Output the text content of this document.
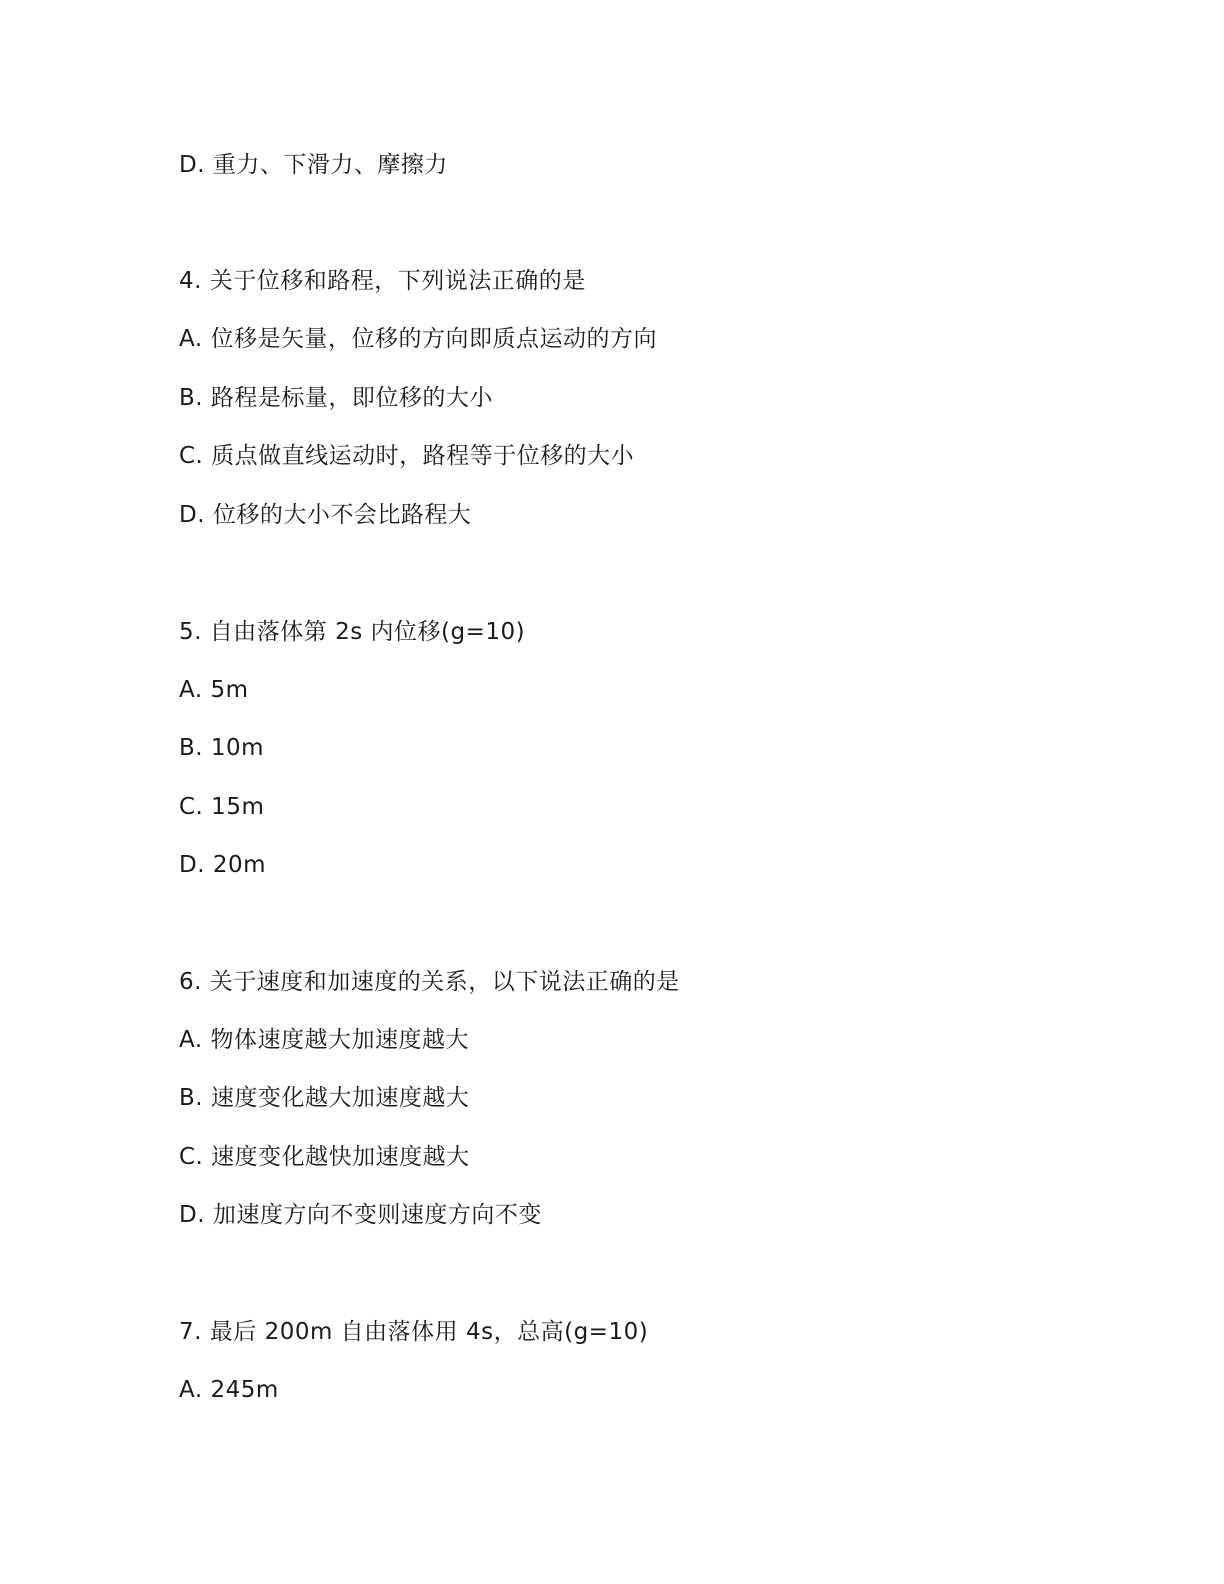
D. 重力、下滑力、摩擦力
4. 关于位移和路程，下列说法正确的是
A. 位移是矢量，位移的方向即质点运动的方向
B. 路程是标量，即位移的大小
C. 质点做直线运动时，路程等于位移的大小
D. 位移的大小不会比路程大
5. 自由落体第 2s 内位移(g=10)
A. 5m
B. 10m
C. 15m
D. 20m
6. 关于速度和加速度的关系，以下说法正确的是
A. 物体速度越大加速度越大
B. 速度变化越大加速度越大
C. 速度变化越快加速度越大
D. 加速度方向不变则速度方向不变
7. 最后 200m 自由落体用 4s，总高(g=10)
A. 245m
